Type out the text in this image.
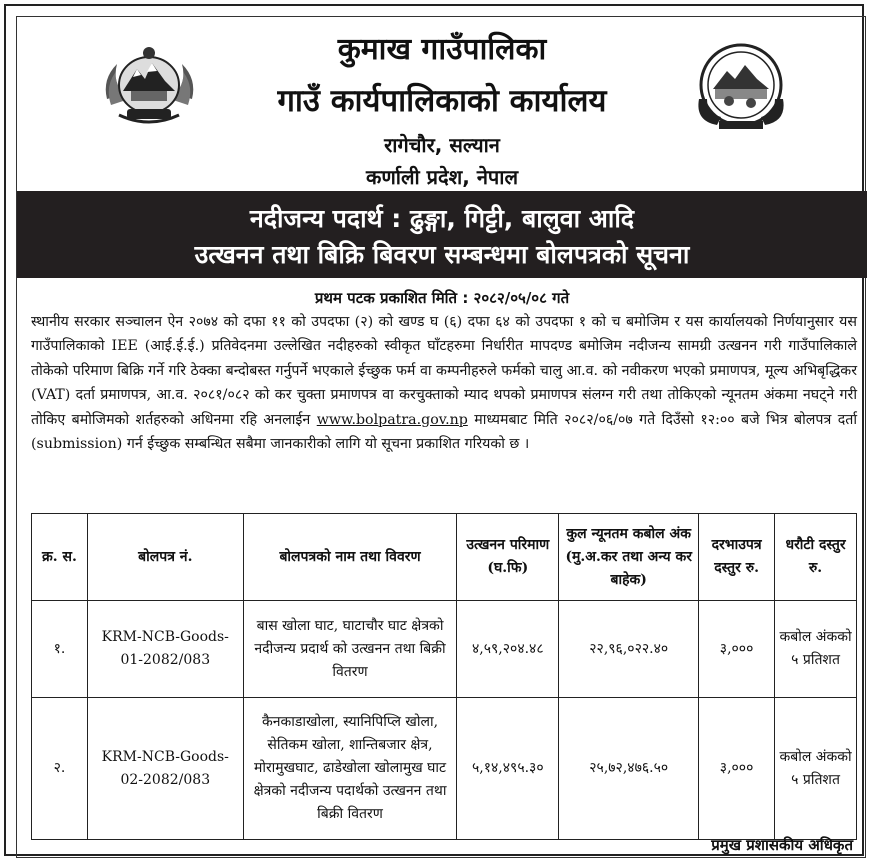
कुमाख गाउँपालिका
गाउँ कार्यपालिकाको कार्यालय
रागेचौर, सल्यान
कर्णाली प्रदेश, नेपाल
नदीजन्य पदार्थ : ढुङ्गा, गिट्टी, बालुवा आदि
उत्खनन तथा बिक्रि बिवरण सम्बन्धमा बोलपत्रको सूचना
प्रथम पटक प्रकाशित मिति : २०८२/०५/०८ गते
स्थानीय सरकार सञ्चालन ऐन २०७४ को दफा ११ को उपदफा (२) को खण्ड घ (६) दफा ६४ को उपदफा १ को च बमोजिम र यस कार्यालयको निर्णयानुसार यस गाउँपालिकाको IEE (आई.ई.ई.) प्रतिवेदनमा उल्लेखित नदीहरुको स्वीकृत घाँटहरुमा निर्धारीत मापदण्ड बमोजिम नदीजन्य सामग्री उत्खनन गरी गाउँपालिकाले तोकेको परिमाण बिक्रि गर्ने गरि ठेक्का बन्दोबस्त गर्नुपर्ने भएकाले ईच्छुक फर्म वा कम्पनीहरुले फर्मको चालु आ.व. को नवीकरण भएको प्रमाणपत्र, मूल्य अभिबृद्धिकर (VAT) दर्ता प्रमाणपत्र, आ.व. २०८१/०८२ को कर चुक्ता प्रमाणपत्र वा करचुक्ताको म्याद थपको प्रमाणपत्र संलग्न गरी तथा तोकिएको न्यूनतम अंकमा नघट्ने गरी तोकिए बमोजिमको शर्तहरुको अधिनमा रहि अनलाईन www.bolpatra.gov.np माध्यमबाट मिति २०८२/०६/०७ गते दिउँसो १२:०० बजे भित्र बोलपत्र दर्ता (submission) गर्न ईच्छुक सम्बन्धित सबैमा जानकारीको लागि यो सूचना प्रकाशित गरियको छ ।
क्र. स.	बोलपत्र नं.	बोलपत्रको नाम तथा विवरण	उत्खनन परिमाण (घ.फि)	कुल न्यूनतम कबोल अंक (मु.अ.कर तथा अन्य कर बाहेक)	दरभाउपत्र दस्तुर रु.	धरौटी दस्तुर रु.
१.	KRM-NCB-Goods-01-2082/083	बास खोला घाट, घाटाचौर घाट क्षेत्रको नदीजन्य प्रदार्थ को उत्खनन तथा बिक्री वितरण	४,५९,२०४.४८	२२,९६,०२२.४०	३,०००	कबोल अंकको ५ प्रतिशत
२.	KRM-NCB-Goods-02-2082/083	कैनकाडाखोला, स्यानिपिप्लि खोला, सेतिकम खोला, शान्तिबजार क्षेत्र, मोरामुखघाट, ढाडेखोला खोलामुख घाट क्षेत्रको नदीजन्य पदार्थको उत्खनन तथा बिक्री वितरण	५,१४,४९५.३०	२५,७२,४७६.५०	३,०००	कबोल अंकको ५ प्रतिशत
प्रमुख प्रशासकीय अधिकृत
